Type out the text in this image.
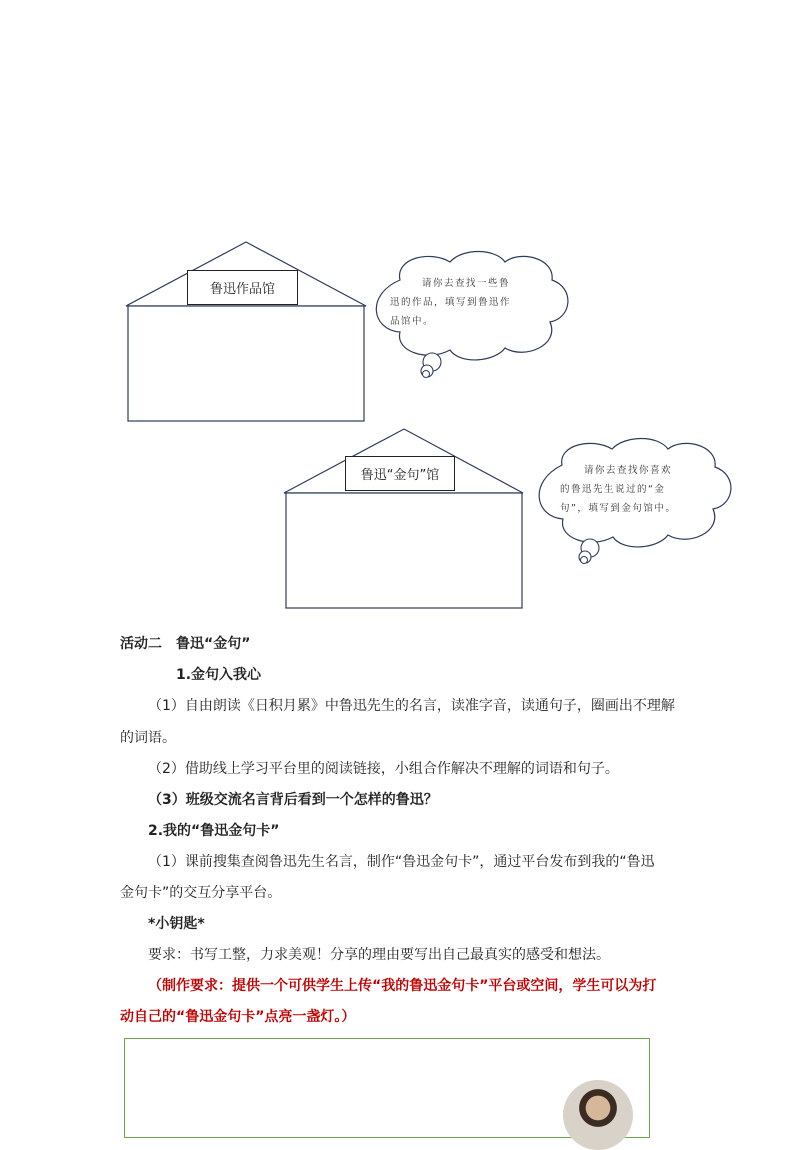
鲁迅作品馆	请你去查找一些鲁
迅的作品，填写到鲁迅作
品馆中。
鲁迅“金句”馆	请你去查找你喜欢
的鲁迅先生说过的“金
句”，填写到金句馆中。
活动二　鲁迅“金句”
1.金句入我心
（1）自由朗读《日积月累》中鲁迅先生的名言，读准字音，读通句子，圈画出不理解
的词语。
（2）借助线上学习平台里的阅读链接，小组合作解决不理解的词语和句子。
（3）班级交流名言背后看到一个怎样的鲁迅？
2.我的“鲁迅金句卡”
（1）课前搜集查阅鲁迅先生名言，制作“鲁迅金句卡”，通过平台发布到我的“鲁迅
金句卡”的交互分享平台。
*小钥匙*
要求：书写工整，力求美观！分享的理由要写出自己最真实的感受和想法。
（制作要求：提供一个可供学生上传“我的鲁迅金句卡”平台或空间，学生可以为打
动自己的“鲁迅金句卡”点亮一盏灯。）
